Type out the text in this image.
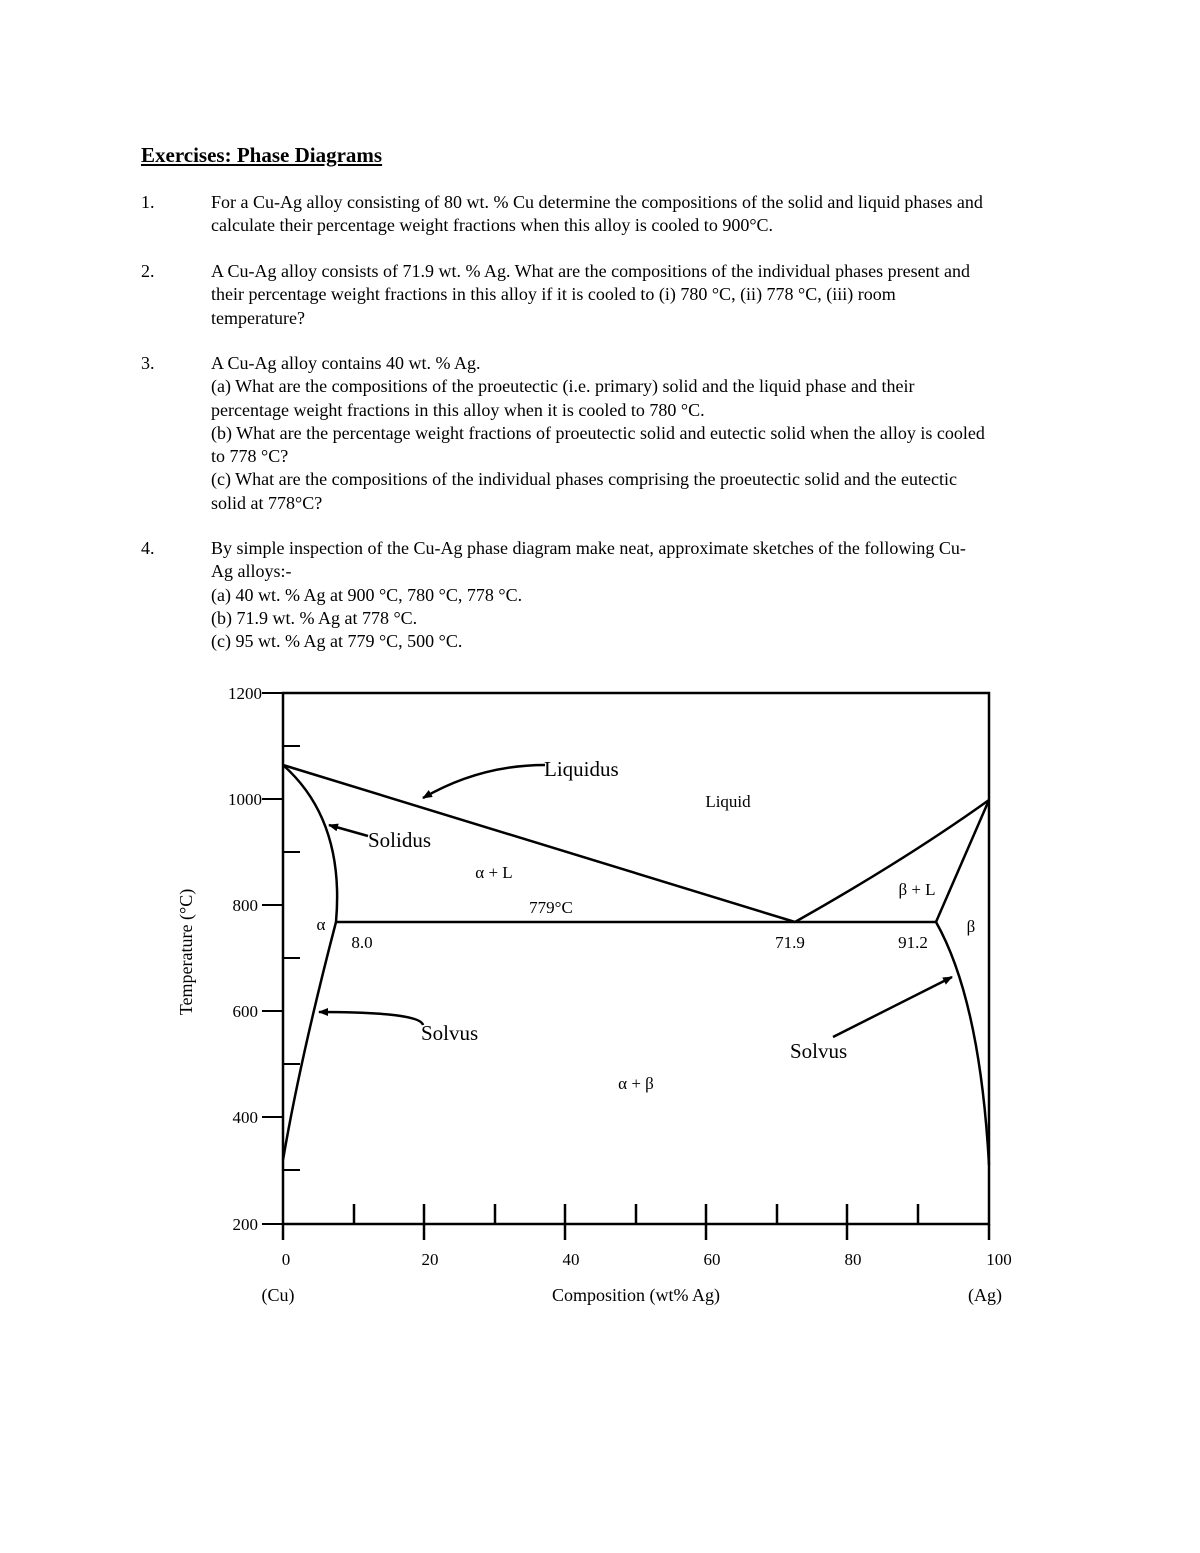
Exercises: Phase Diagrams
1.	For a Cu-Ag alloy consisting of 80 wt. % Cu determine the compositions of the solid and liquid phases and
calculate their percentage weight fractions when this alloy is cooled to 900°C.
2.	A Cu-Ag alloy consists of 71.9 wt. % Ag. What are the compositions of the individual phases present and
their percentage weight fractions in this alloy if it is cooled to (i) 780 °C, (ii) 778 °C, (iii) room
temperature?
3.	A Cu-Ag alloy contains 40 wt. % Ag.
(a) What are the compositions of the proeutectic (i.e. primary) solid and the liquid phase and their
percentage weight fractions in this alloy when it is cooled to 780 °C.
(b) What are the percentage weight fractions of proeutectic solid and eutectic solid when the alloy is cooled
to 778 °C?
(c) What are the compositions of the individual phases comprising the proeutectic solid and the eutectic
solid at 778°C?
4.	By simple inspection of the Cu-Ag phase diagram make neat, approximate sketches of the following Cu-
Ag alloys:-
(a) 40 wt. % Ag at 900 °C, 780 °C, 778 °C.
(b) 71.9 wt. % Ag at 778 °C.
(c) 95 wt. % Ag at 779 °C, 500 °C.
1200
1000
800
600
400
200
0	20	40	60	80	100
(Cu)	Composition (wt% Ag)	(Ag)
Temperature (°C)
Liquid
α + L
β + L
α	β
α + β
Liquidus
Solidus
Solvus
Solvus
779°C
8.0	71.9	91.2
